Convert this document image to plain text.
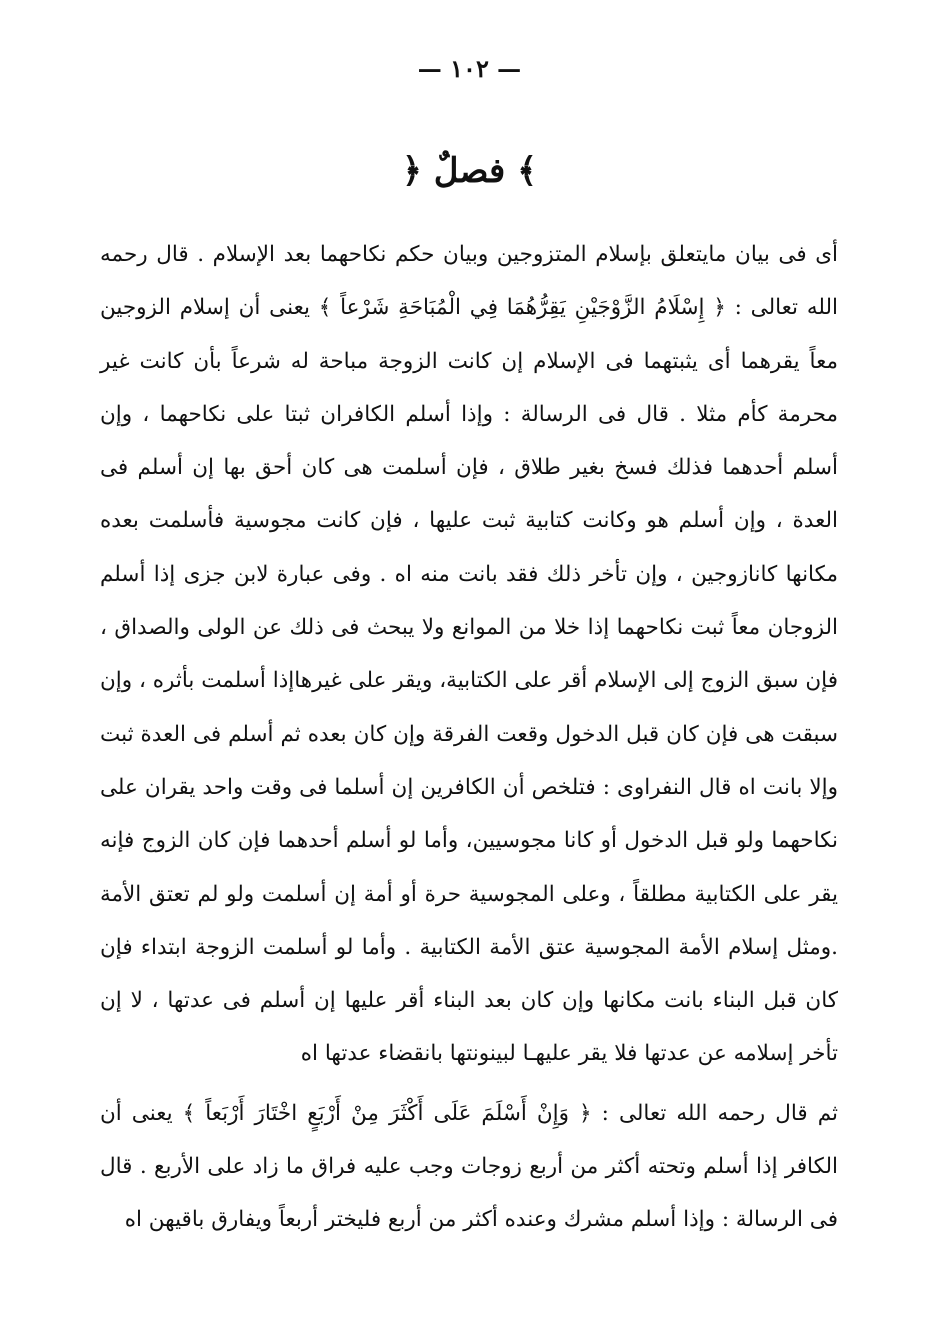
— ١٠٢ —
﴿ فصلٌ ﴾

أى فى بيان مايتعلق بإسلام المتزوجين وبيان حكم نكاحهما بعد الإسلام . قال رحمه الله تعالى : ﴿ إِسْلَامُ الزَّوْجَيْنِ يَقِرُّهُمَا فِي الْمُبَاحَةِ شَرْعاً ﴾ يعنى أن إسلام الزوجين معاً يقرهما أى يثبتهما فى الإسلام إن كانت الزوجة مباحة له شرعاً بأن كانت غير محرمة كأم مثلا . قال فى الرسالة : وإذا أسلم الكافران ثبتا على نكاحهما ، وإن أسلم أحدهما فذلك فسخ بغير طلاق ، فإن أسلمت هى كان أحق بها إن أسلم فى العدة ، وإن أسلم هو وكانت كتابية ثبت عليها ، فإن كانت مجوسية فأسلمت بعده مكانها كانازوجين ، وإن تأخر ذلك فقد بانت منه اه . وفى عبارة لابن جزى إذا أسلم الزوجان معاً ثبت نكاحهما إذا خلا من الموانع ولا يبحث فى ذلك عن الولى والصداق ، فإن سبق الزوج إلى الإسلام أقر على الكتابية، ويقر على غيرهاإذا أسلمت بأثره ، وإن سبقت هى فإن كان قبل الدخول وقعت الفرقة وإن كان بعده ثم أسلم فى العدة ثبت وإلا بانت اه قال النفراوى : فتلخص أن الكافرين إن أسلما فى وقت واحد يقران على نكاحهما ولو قبل الدخول أو كانا مجوسيين، وأما لو أسلم أحدهما فإن كان الزوج فإنه يقر على الكتابية مطلقاً ، وعلى المجوسية حرة أو أمة إن أسلمت ولو لم تعتق الأمة .ومثل إسلام الأمة المجوسية عتق الأمة الكتابية . وأما لو أسلمت الزوجة ابتداء فإن كان قبل البناء بانت مكانها وإن كان بعد البناء أقر عليها إن أسلم فى عدتها ، لا إن تأخر إسلامه عن عدتها فلا يقر عليهـا لبينونتها بانقضاء عدتها اه

ثم قال رحمه الله تعالى : ﴿ وَإِنْ أَسْلَمَ عَلَى أَكْثَرَ مِنْ أَرْبَعٍ اخْتَارَ أَرْبَعاً ﴾ يعنى أن الكافر إذا أسلم وتحته أكثر من أربع زوجات وجب عليه فراق ما زاد على الأربع . قال فى الرسالة : وإذا أسلم مشرك وعنده أكثر من أربع فليختر أربعاً ويفارق باقيهن اه
